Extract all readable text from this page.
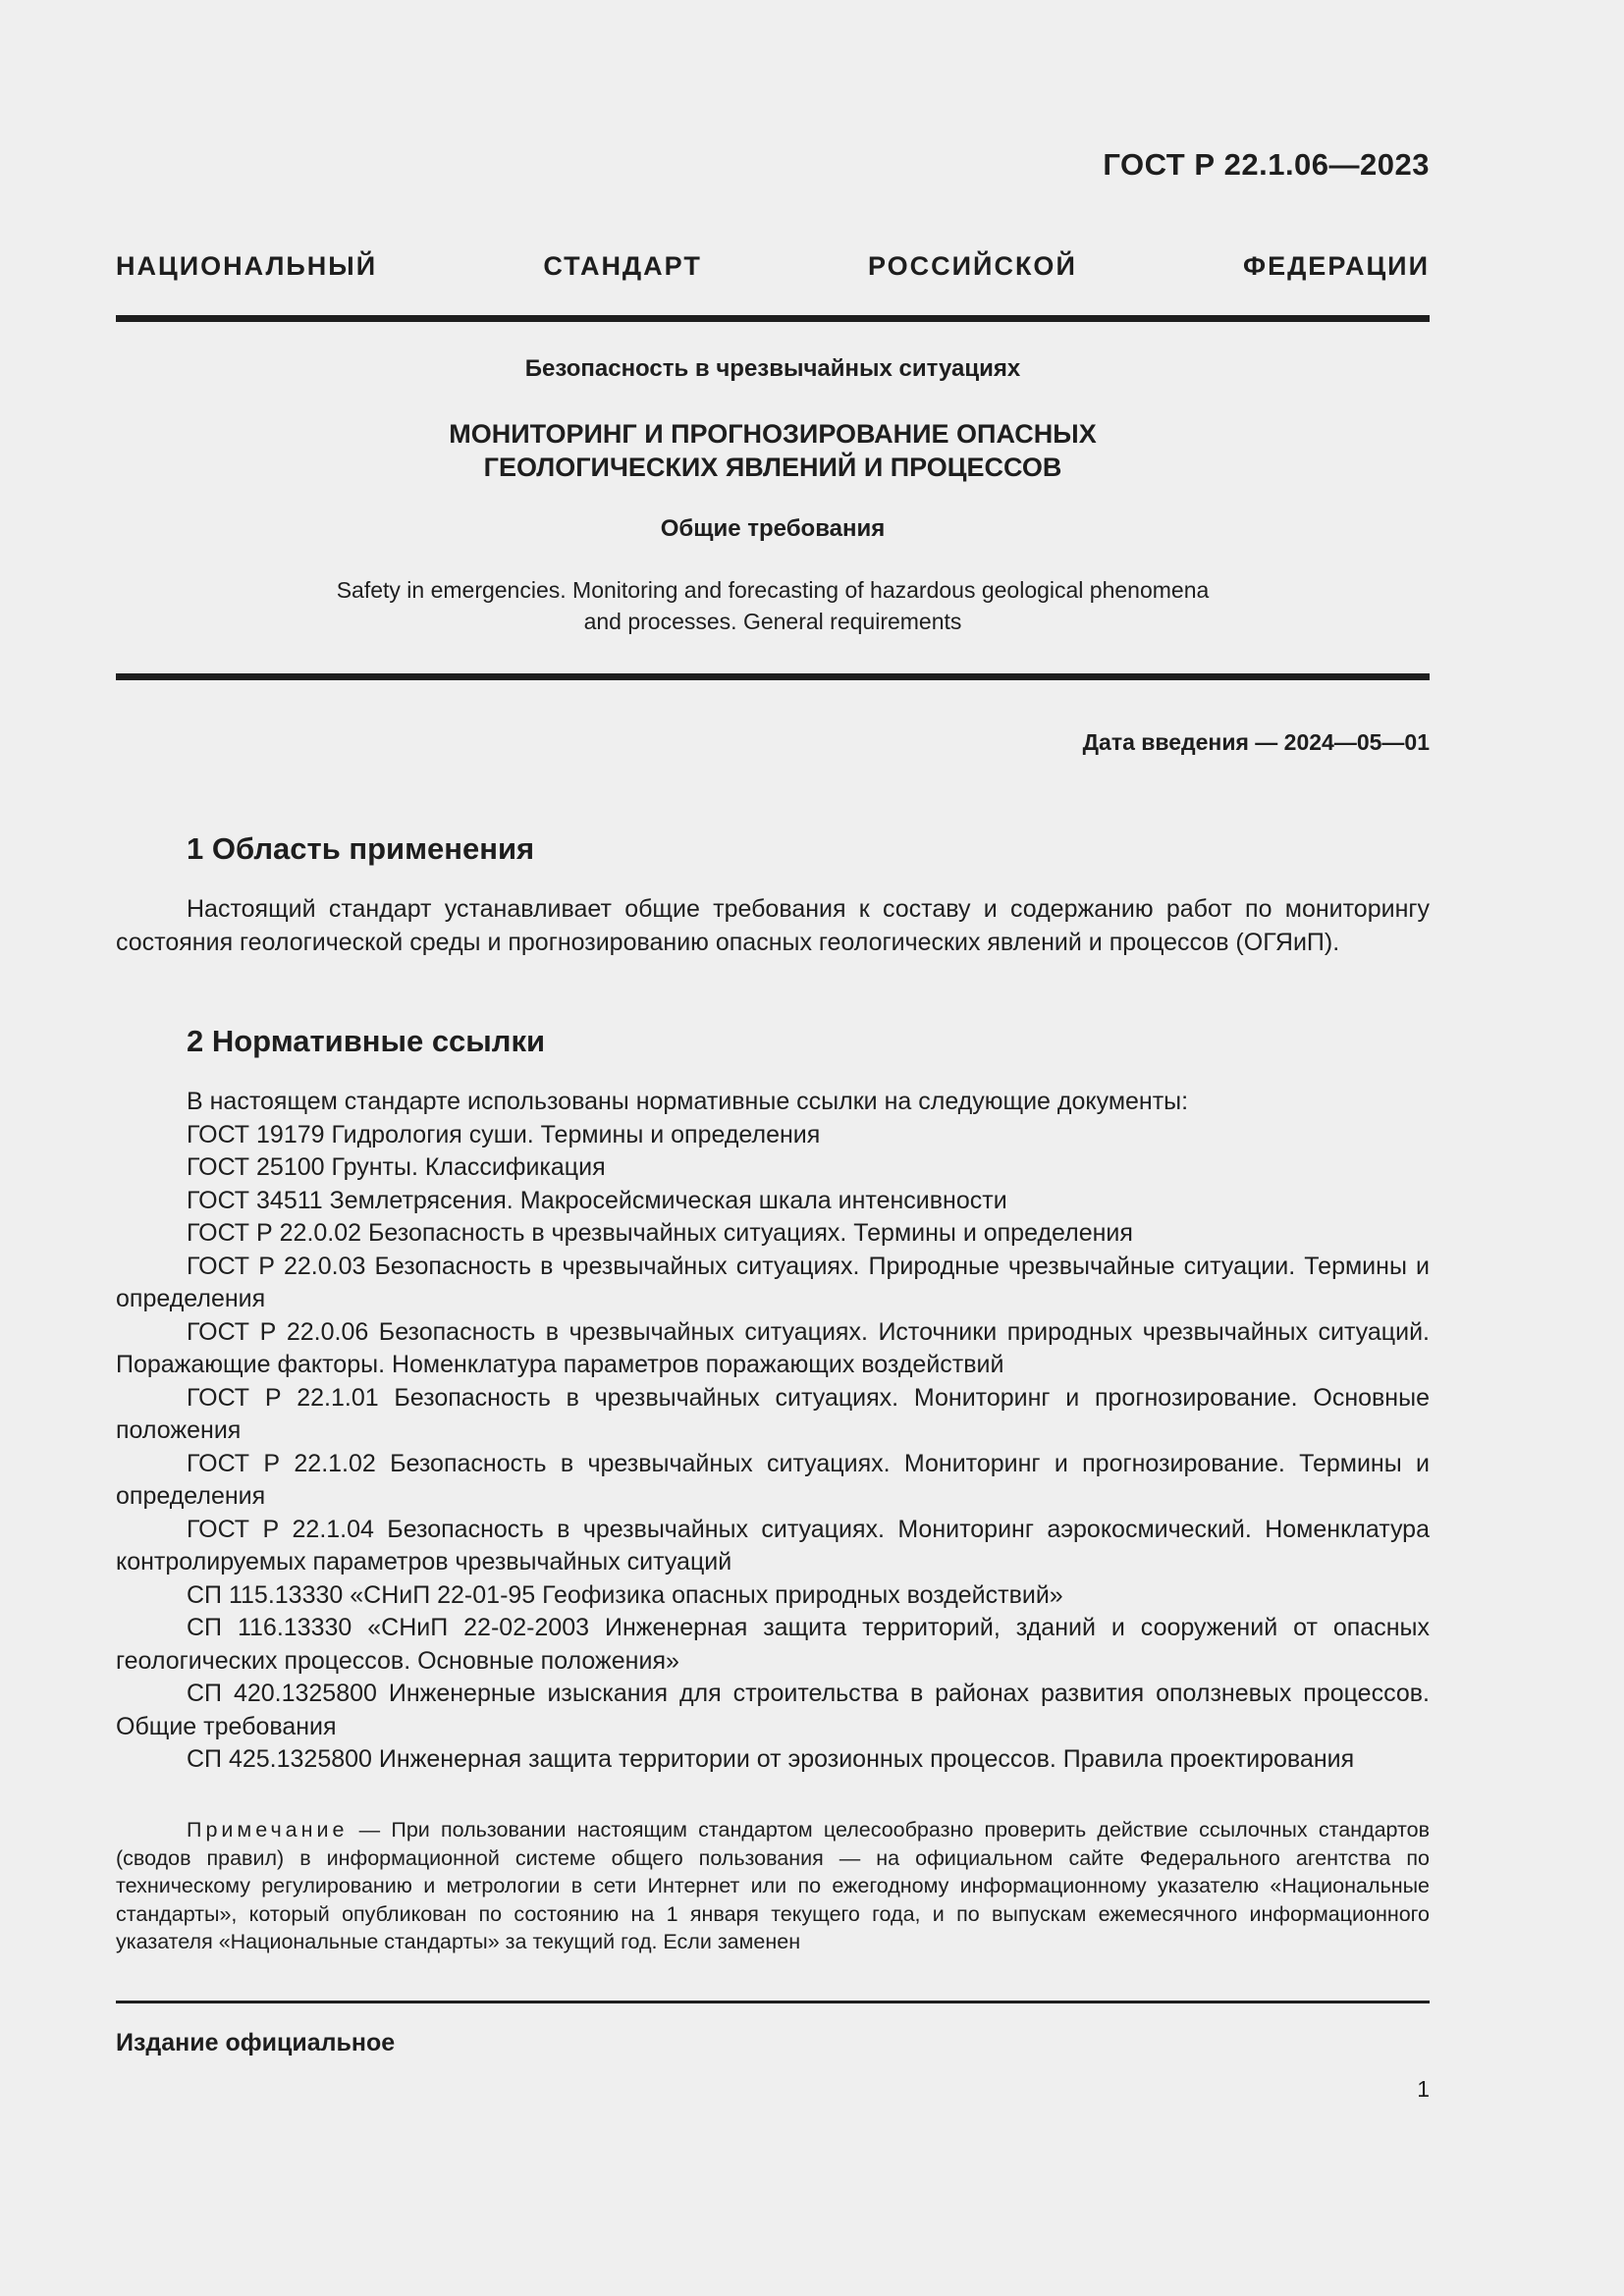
ГОСТ Р 22.1.06—2023
НАЦИОНАЛЬНЫЙ СТАНДАРТ РОССИЙСКОЙ ФЕДЕРАЦИИ
Безопасность в чрезвычайных ситуациях
МОНИТОРИНГ И ПРОГНОЗИРОВАНИЕ ОПАСНЫХ
ГЕОЛОГИЧЕСКИХ ЯВЛЕНИЙ И ПРОЦЕССОВ
Общие требования
Safety in emergencies. Monitoring and forecasting of hazardous geological phenomena
and processes. General requirements
Дата введения — 2024—05—01
1 Область применения

Настоящий стандарт устанавливает общие требования к составу и содержанию работ по мониторингу состояния геологической среды и прогнозированию опасных геологических явлений и процессов (ОГЯиП).

2 Нормативные ссылки

В настоящем стандарте использованы нормативные ссылки на следующие документы:

ГОСТ 19179 Гидрология суши. Термины и определения

ГОСТ 25100 Грунты. Классификация

ГОСТ 34511 Землетрясения. Макросейсмическая шкала интенсивности

ГОСТ Р 22.0.02 Безопасность в чрезвычайных ситуациях. Термины и определения

ГОСТ Р 22.0.03 Безопасность в чрезвычайных ситуациях. Природные чрезвычайные ситуации. Термины и определения

ГОСТ Р 22.0.06 Безопасность в чрезвычайных ситуациях. Источники природных чрезвычайных ситуаций. Поражающие факторы. Номенклатура параметров поражающих воздействий

ГОСТ Р 22.1.01 Безопасность в чрезвычайных ситуациях. Мониторинг и прогнозирование. Основные положения

ГОСТ Р 22.1.02 Безопасность в чрезвычайных ситуациях. Мониторинг и прогнозирование. Термины и определения

ГОСТ Р 22.1.04 Безопасность в чрезвычайных ситуациях. Мониторинг аэрокосмический. Номенклатура контролируемых параметров чрезвычайных ситуаций

СП 115.13330 «СНиП 22-01-95 Геофизика опасных природных воздействий»

СП 116.13330 «СНиП 22-02-2003 Инженерная защита территорий, зданий и сооружений от опасных геологических процессов. Основные положения»

СП 420.1325800 Инженерные изыскания для строительства в районах развития оползневых процессов. Общие требования

СП 425.1325800 Инженерная защита территории от эрозионных процессов. Правила проектирования

Примечание — При пользовании настоящим стандартом целесообразно проверить действие ссылочных стандартов (сводов правил) в информационной системе общего пользования — на официальном сайте Федерального агентства по техническому регулированию и метрологии в сети Интернет или по ежегодному информационному указателю «Национальные стандарты», который опубликован по состоянию на 1 января текущего года, и по выпускам ежемесячного информационного указателя «Национальные стандарты» за текущий год. Если заменен

Издание официальное
1
